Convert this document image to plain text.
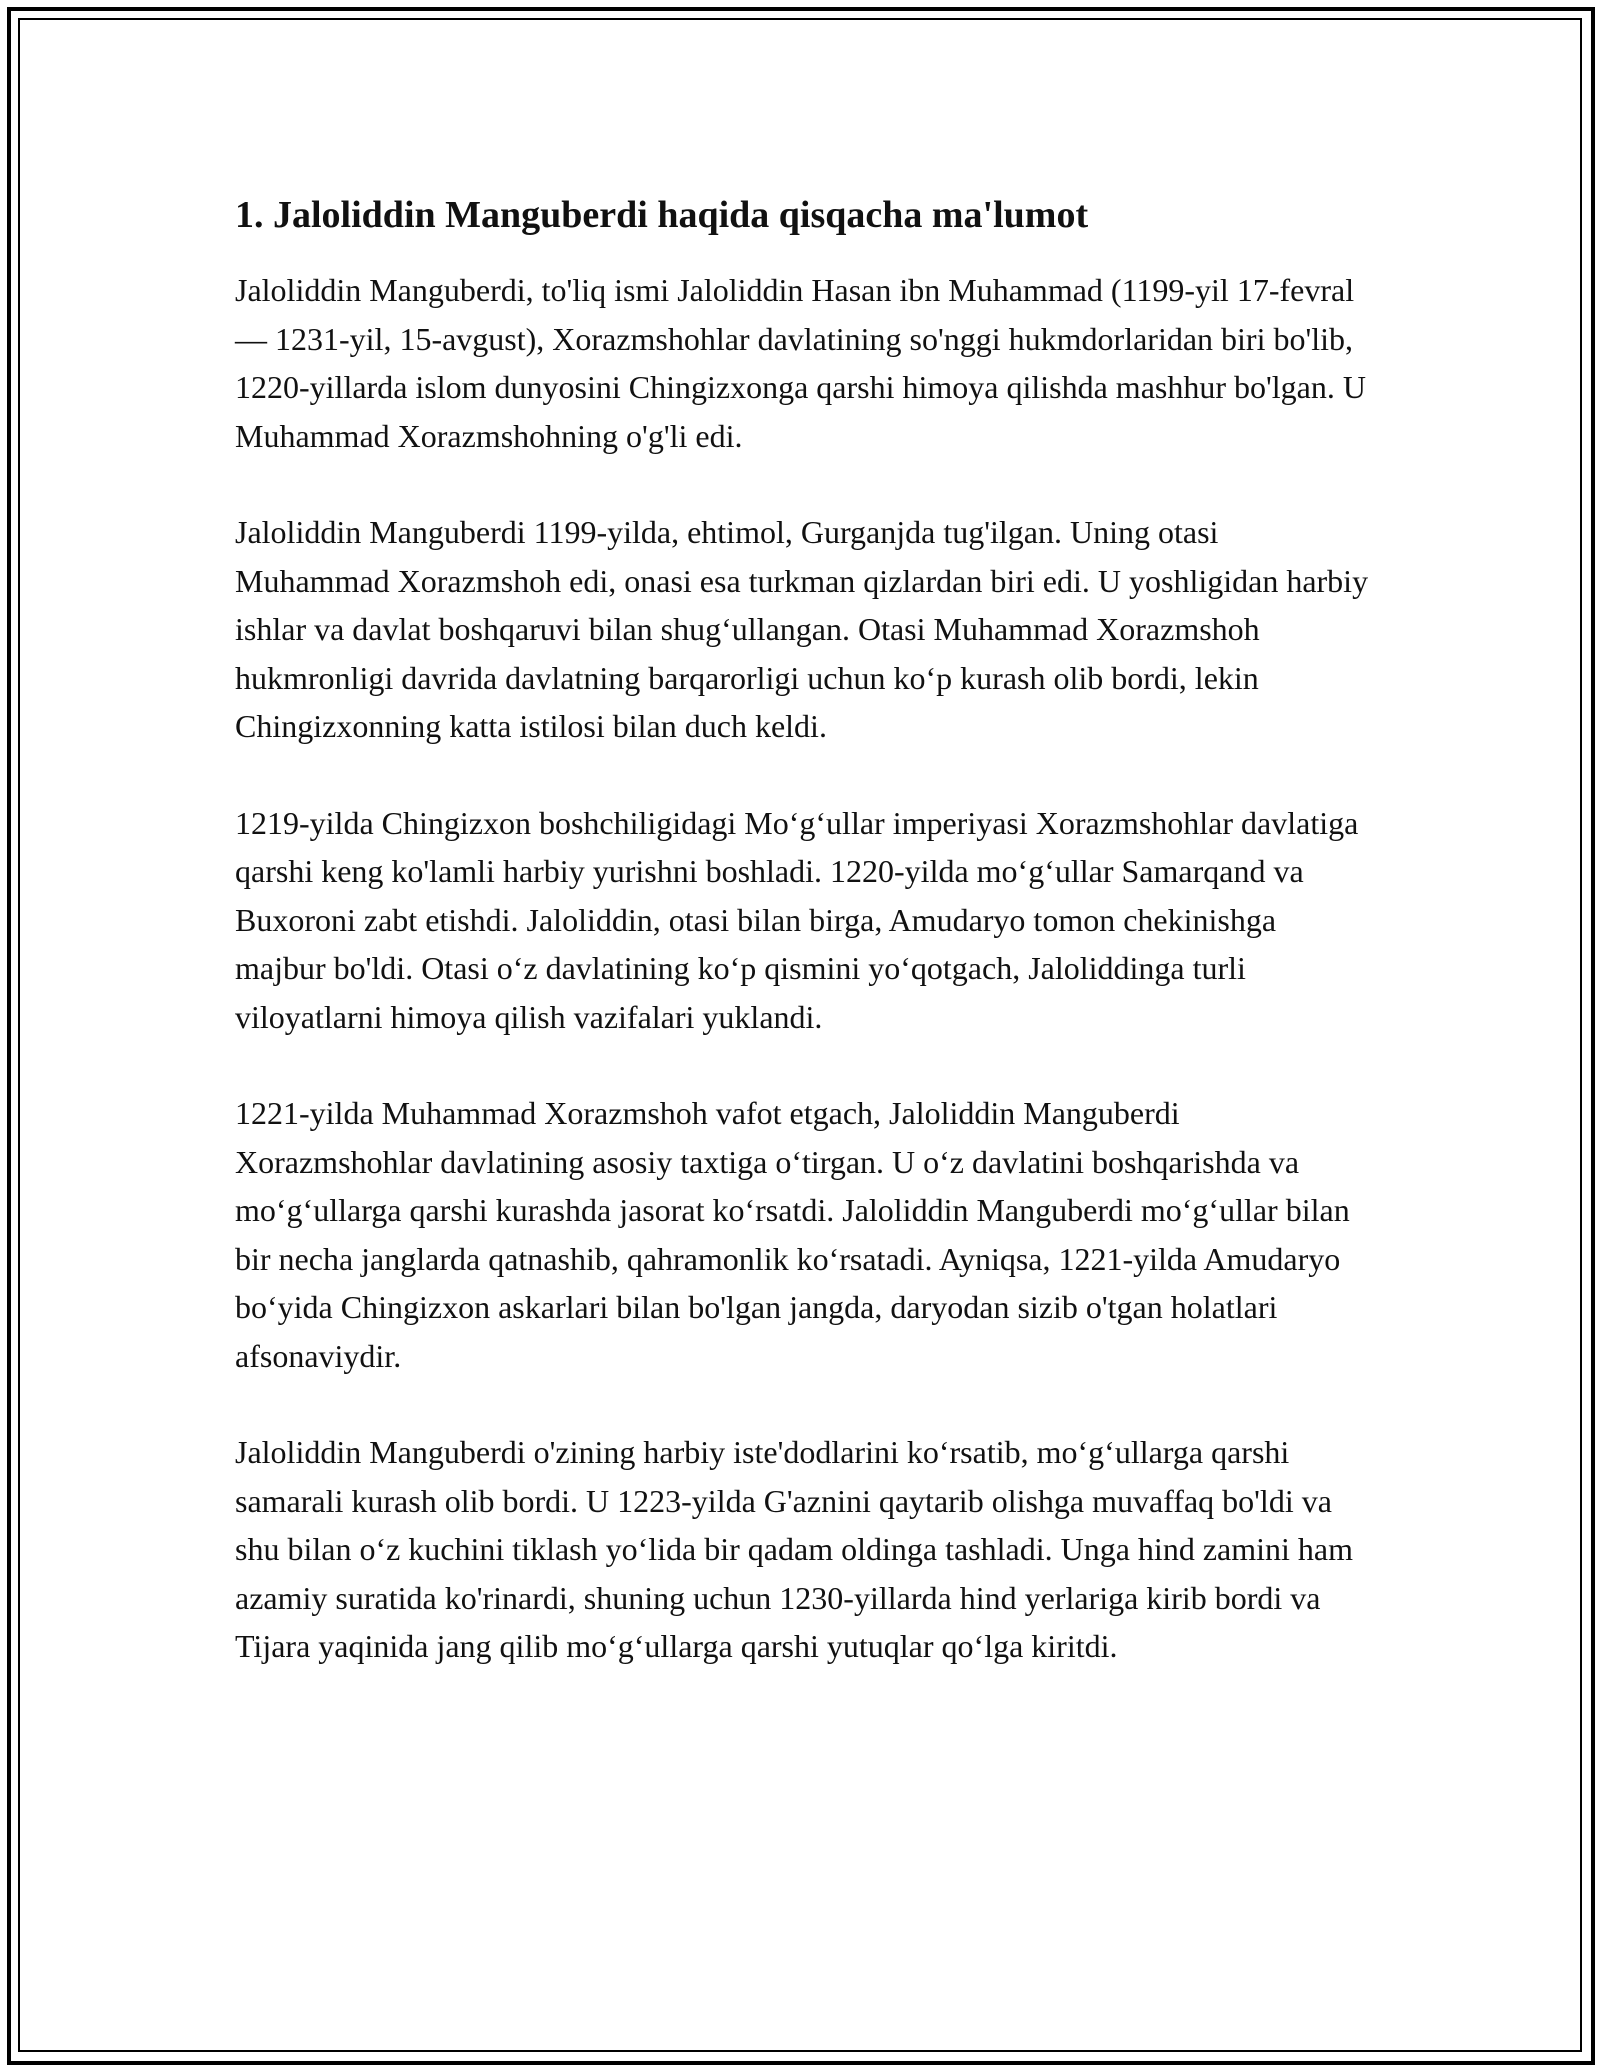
1. Jaloliddin Manguberdi haqida qisqacha ma'lumot

Jaloliddin Manguberdi, to'liq ismi Jaloliddin Hasan ibn Muhammad (1199-yil 17-fevral — 1231-yil, 15-avgust), Xorazmshohlar davlatining so'nggi hukmdorlaridan biri bo'lib, 1220-yillarda islom dunyosini Chingizxonga qarshi himoya qilishda mashhur bo'lgan. U Muhammad Xorazmshohning o'g'li edi.

Jaloliddin Manguberdi 1199-yilda, ehtimol, Gurganjda tug'ilgan. Uning otasi Muhammad Xorazmshoh edi, onasi esa turkman qizlardan biri edi. U yoshligidan harbiy ishlar va davlat boshqaruvi bilan shugʻullangan. Otasi Muhammad Xorazmshoh hukmronligi davrida davlatning barqarorligi uchun koʻp kurash olib bordi, lekin Chingizxonning katta istilosi bilan duch keldi.

1219-yilda Chingizxon boshchiligidagi Moʻgʻullar imperiyasi Xorazmshohlar davlatiga qarshi keng ko'lamli harbiy yurishni boshladi. 1220-yilda moʻgʻullar Samarqand va Buxoroni zabt etishdi. Jaloliddin, otasi bilan birga, Amudaryo tomon chekinishga majbur bo'ldi. Otasi oʻz davlatining koʻp qismini yoʻqotgach, Jaloliddinga turli viloyatlarni himoya qilish vazifalari yuklandi.

1221-yilda Muhammad Xorazmshoh vafot etgach, Jaloliddin Manguberdi Xorazmshohlar davlatining asosiy taxtiga oʻtirgan. U oʻz davlatini boshqarishda va moʻgʻullarga qarshi kurashda jasorat koʻrsatdi. Jaloliddin Manguberdi moʻgʻullar bilan bir necha janglarda qatnashib, qahramonlik koʻrsatadi. Ayniqsa, 1221-yilda Amudaryo boʻyida Chingizxon askarlari bilan bo'lgan jangda, daryodan sizib o'tgan holatlari afsonaviydir.

Jaloliddin Manguberdi o'zining harbiy iste'dodlarini koʻrsatib, moʻgʻullarga qarshi samarali kurash olib bordi. U 1223-yilda G'aznini qaytarib olishga muvaffaq bo'ldi va shu bilan oʻz kuchini tiklash yoʻlida bir qadam oldinga tashladi. Unga hind zamini ham azamiy suratida ko'rinardi, shuning uchun 1230-yillarda hind yerlariga kirib bordi va Tijara yaqinida jang qilib moʻgʻullarga qarshi yutuqlar qoʻlga kiritdi.
